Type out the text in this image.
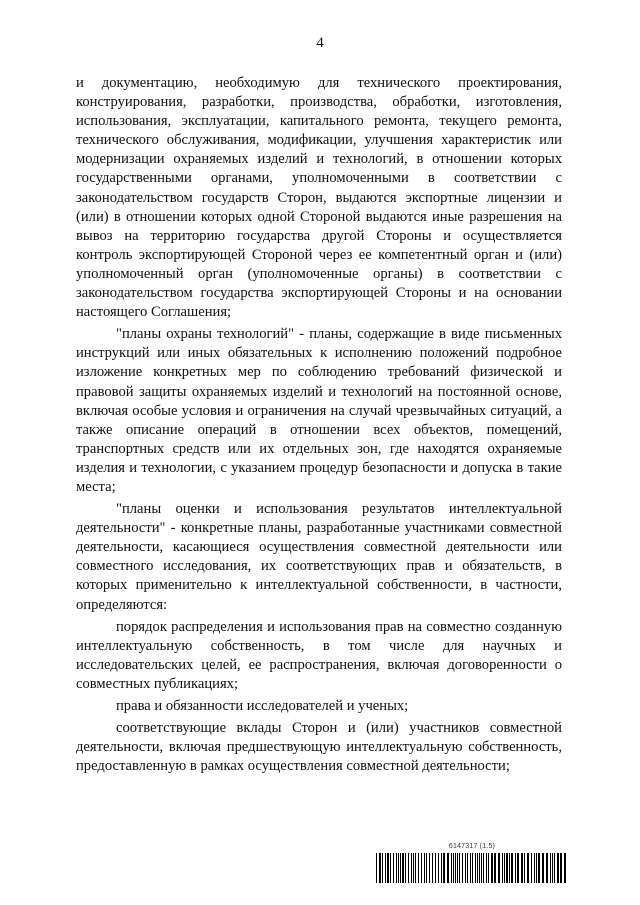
4

и документацию, необходимую для технического проектирования, конструирования, разработки, производства, обработки, изготовления, использования, эксплуатации, капитального ремонта, текущего ремонта, технического обслуживания, модификации, улучшения характеристик или модернизации охраняемых изделий и технологий, в отношении которых государственными органами, уполномоченными в соответствии с законодательством государств Сторон, выдаются экспортные лицензии и (или) в отношении которых одной Стороной выдаются иные разрешения на вывоз на территорию государства другой Стороны и осуществляется контроль экспортирующей Стороной через ее компетентный орган и (или) уполномоченный орган (уполномоченные органы) в соответствии с законодательством государства экспортирующей Стороны и на основании настоящего Соглашения;

"планы охраны технологий" - планы, содержащие в виде письменных инструкций или иных обязательных к исполнению положений подробное изложение конкретных мер по соблюдению требований физической и правовой защиты охраняемых изделий и технологий на постоянной основе, включая особые условия и ограничения на случай чрезвычайных ситуаций, а также описание операций в отношении всех объектов, помещений, транспортных средств или их отдельных зон, где находятся охраняемые изделия и технологии, с указанием процедур безопасности и допуска в такие места;

"планы оценки и использования результатов интеллектуальной деятельности" - конкретные планы, разработанные участниками совместной деятельности, касающиеся осуществления совместной деятельности или совместного исследования, их соответствующих прав и обязательств, в которых применительно к интеллектуальной собственности, в частности, определяются:

порядок распределения и использования прав на совместно созданную интеллектуальную собственность, в том числе для научных и исследовательских целей, ее распространения, включая договоренности о совместных публикациях;

права и обязанности исследователей и ученых;

соответствующие вклады Сторон и (или) участников совместной деятельности, включая предшествующую интеллектуальную собственность, предоставленную в рамках осуществления совместной деятельности;

6147317 (1.5)
